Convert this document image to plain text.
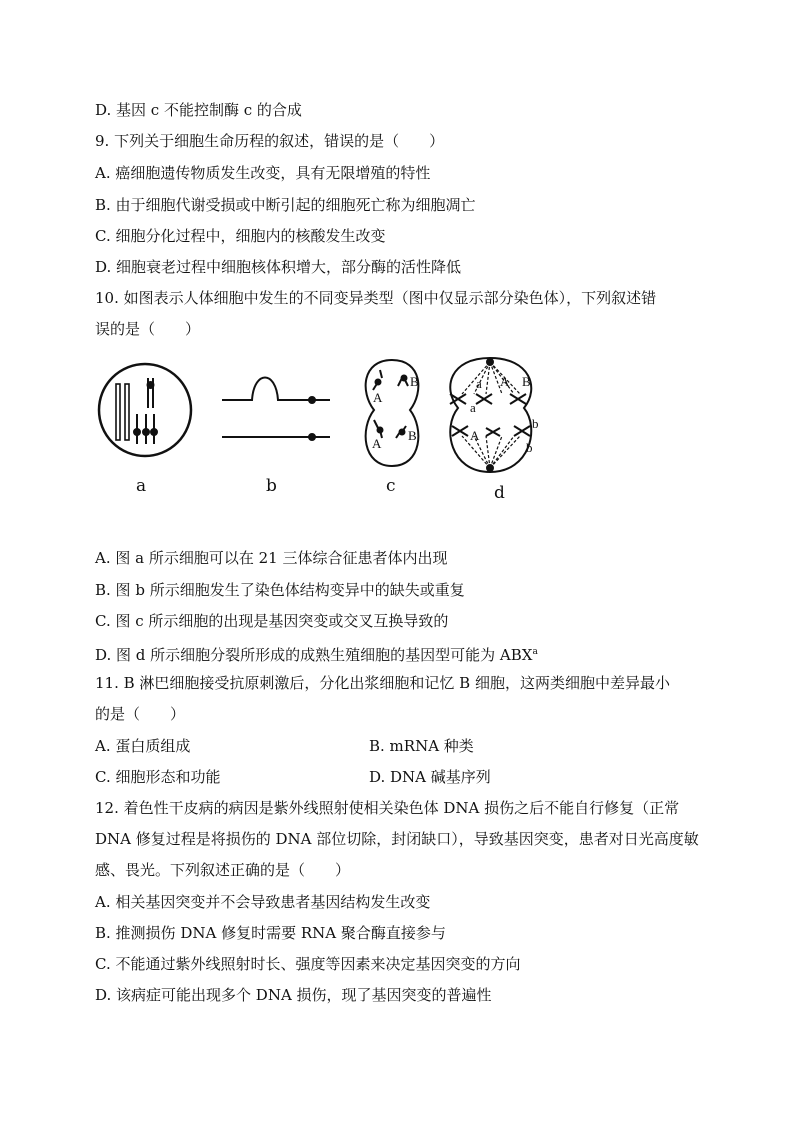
D. 基因 c 不能控制酶 c 的合成
9. 下列关于细胞生命历程的叙述，错误的是（　　）
A. 癌细胞遗传物质发生改变，具有无限增殖的特性
B. 由于细胞代谢受损或中断引起的细胞死亡称为细胞凋亡
C. 细胞分化过程中，细胞内的核酸发生改变
D. 细胞衰老过程中细胞核体积增大，部分酶的活性降低
10. 如图表示人体细胞中发生的不同变异类型（图中仅显示部分染色体），下列叙述错
误的是（　　）
a	b
A
B
A
B
c
a A B
a
A
b
b
d
A. 图 a 所示细胞可以在 21 三体综合征患者体内出现
B. 图 b 所示细胞发生了染色体结构变异中的缺失或重复
C. 图 c 所示细胞的出现是基因突变或交叉互换导致的
D. 图 d 所示细胞分裂所形成的成熟生殖细胞的基因型可能为 ABX$^a$
11. B 淋巴细胞接受抗原刺激后，分化出浆细胞和记忆 B 细胞，这两类细胞中差异最小
的是（　　）
A. 蛋白质组成	B. mRNA 种类
C. 细胞形态和功能	D. DNA 碱基序列
12. 着色性干皮病的病因是紫外线照射使相关染色体 DNA 损伤之后不能自行修复（正常
DNA 修复过程是将损伤的 DNA 部位切除，封闭缺口），导致基因突变，患者对日光高度敏
感、畏光。下列叙述正确的是（　　）
A. 相关基因突变并不会导致患者基因结构发生改变
B. 推测损伤 DNA 修复时需要 RNA 聚合酶直接参与
C. 不能通过紫外线照射时长、强度等因素来决定基因突变的方向
D. 该病症可能出现多个 DNA 损伤，现了基因突变的普遍性
